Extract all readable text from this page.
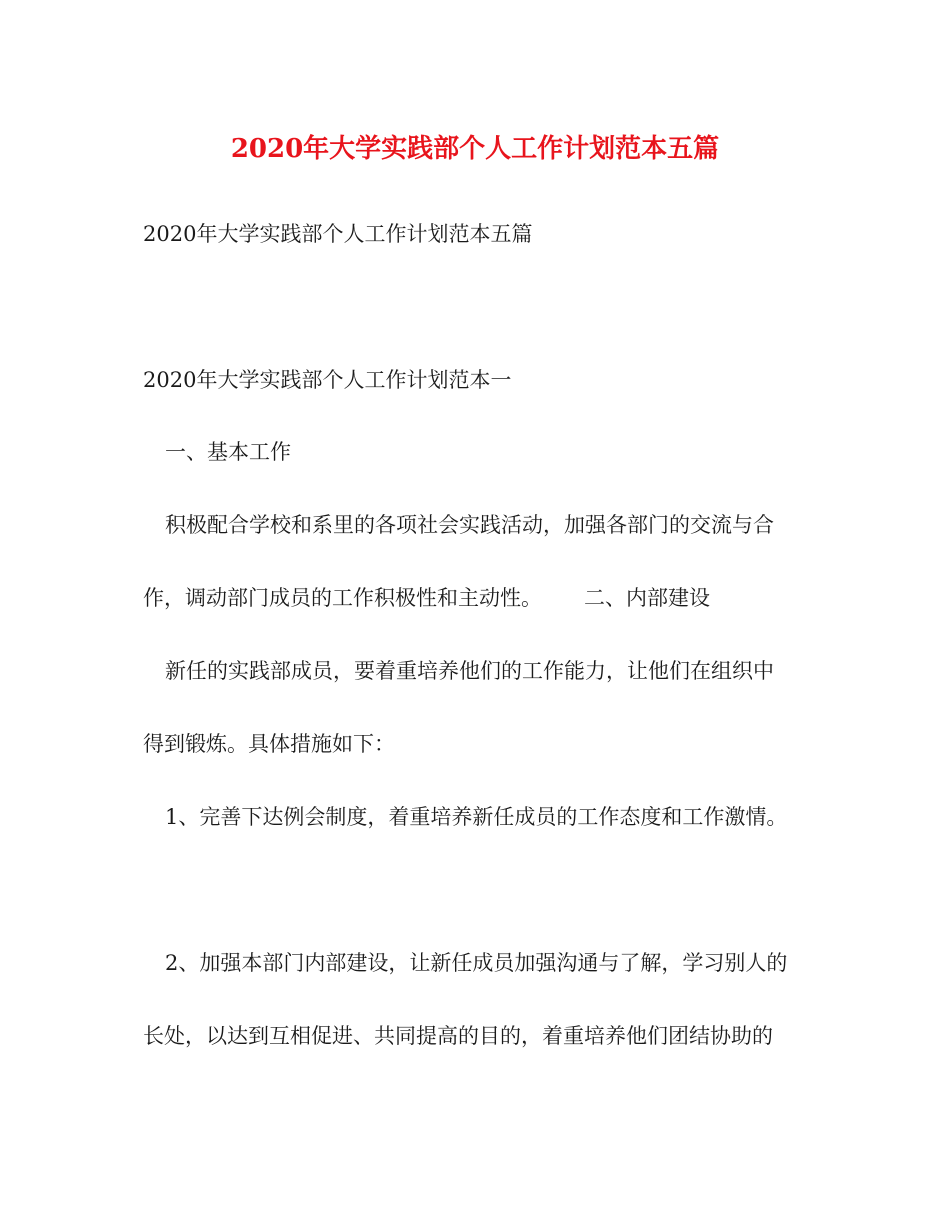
2020年大学实践部个人工作计划范本五篇
2020年大学实践部个人工作计划范本五篇
2020年大学实践部个人工作计划范本一
一、基本工作
积极配合学校和系里的各项社会实践活动，加强各部门的交流与合
作，调动部门成员的工作积极性和主动性。 二、内部建设
新任的实践部成员，要着重培养他们的工作能力，让他们在组织中
得到锻炼。具体措施如下：
1、完善下达例会制度，着重培养新任成员的工作态度和工作激情。
2、加强本部门内部建设，让新任成员加强沟通与了解，学习别人的
长处，以达到互相促进、共同提高的目的，着重培养他们团结协助的
